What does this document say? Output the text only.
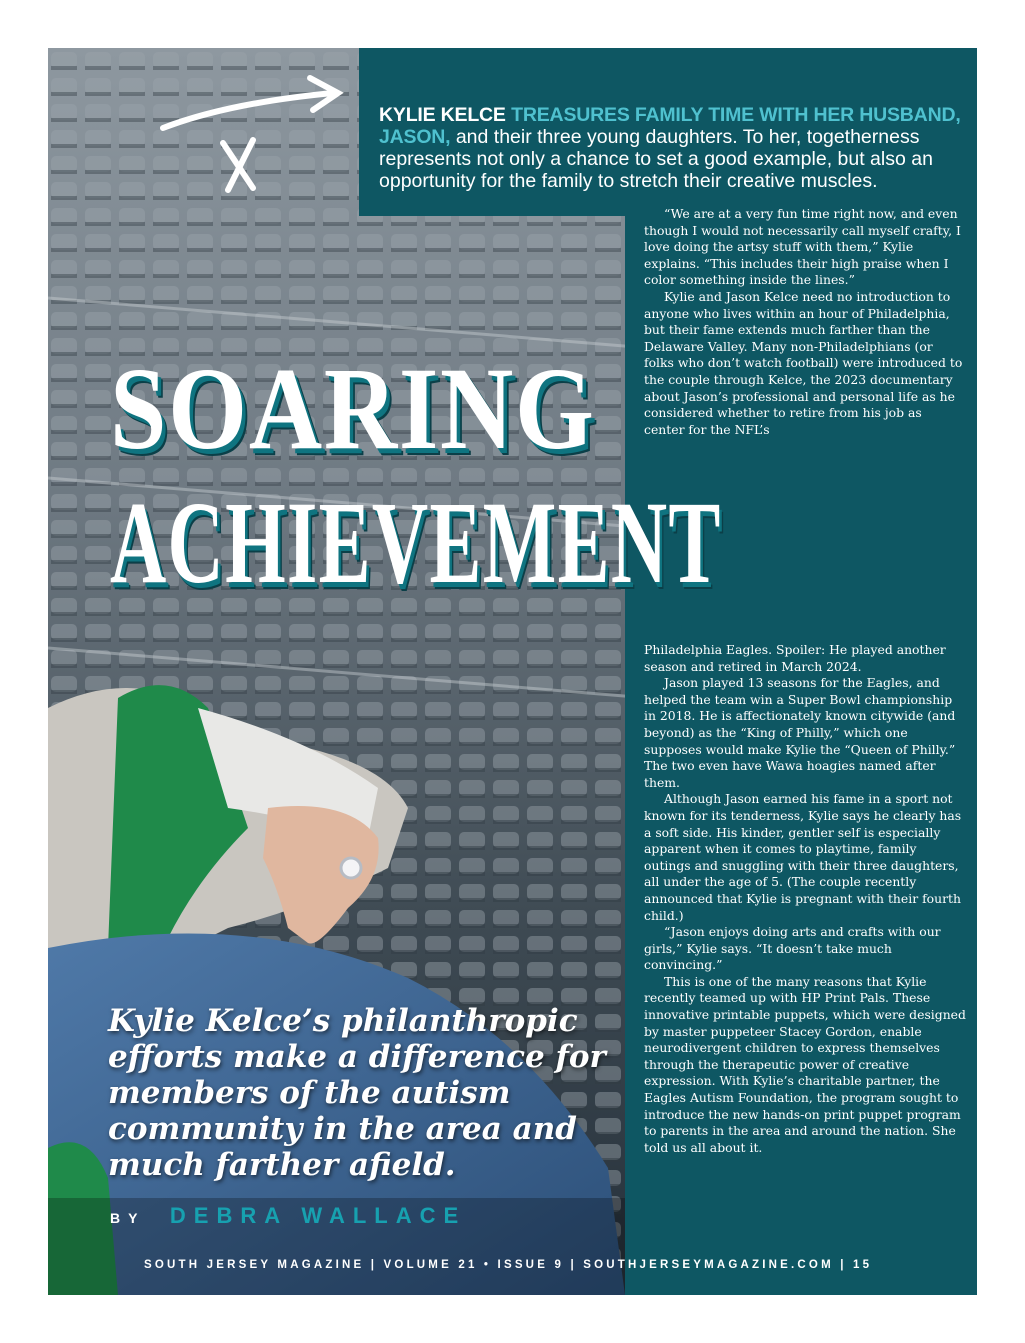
KYLIE KELCE TREASURES FAMILY TIME WITH HER HUSBAND, JASON, and their three young daughters. To her, togetherness represents not only a chance to set a good example, but also an opportunity for the family to stretch their creative muscles.

“We are at a very fun time right now, and even though I would not necessarily call myself crafty, I love doing the artsy stuff with them,” Kylie explains. “This includes their high praise when I color something inside the lines.”

Kylie and Jason Kelce need no introduction to anyone who lives within an hour of Philadelphia, but their fame extends much farther than the Delaware Valley. Many non-Philadelphians (or folks who don’t watch football) were introduced to the couple through Kelce, the 2023 documentary about Jason’s professional and personal life as he considered whether to retire from his job as center for the NFL’s

SOARING
ACHIEVEMENT

Philadelphia Eagles. Spoiler: He played another season and retired in March 2024.

Jason played 13 seasons for the Eagles, and helped the team win a Super Bowl championship in 2018. He is affectionately known citywide (and beyond) as the “King of Philly,” which one supposes would make Kylie the “Queen of Philly.” The two even have Wawa hoagies named after them.

Although Jason earned his fame in a sport not known for its tenderness, Kylie says he clearly has a soft side. His kinder, gentler self is especially apparent when it comes to playtime, family outings and snuggling with their three daughters, all under the age of 5. (The couple recently announced that Kylie is pregnant with their fourth child.)

“Jason enjoys doing arts and crafts with our girls,” Kylie says. “It doesn’t take much convincing.”

This is one of the many reasons that Kylie recently teamed up with HP Print Pals. These innovative printable puppets, which were designed by master puppeteer Stacey Gordon, enable neurodivergent children to express themselves through the therapeutic power of creative expression. With Kylie’s charitable partner, the Eagles Autism Foundation, the program sought to introduce the new hands-on print puppet program to parents in the area and around the nation. She told us all about it.

Kylie Kelce’s philanthropic efforts make a difference for members of the autism community in the area and much farther afield.
BY DEBRA WALLACE
SOUTH JERSEY MAGAZINE | VOLUME 21 • ISSUE 9 | SOUTHJERSEYMAGAZINE.COM | 15
